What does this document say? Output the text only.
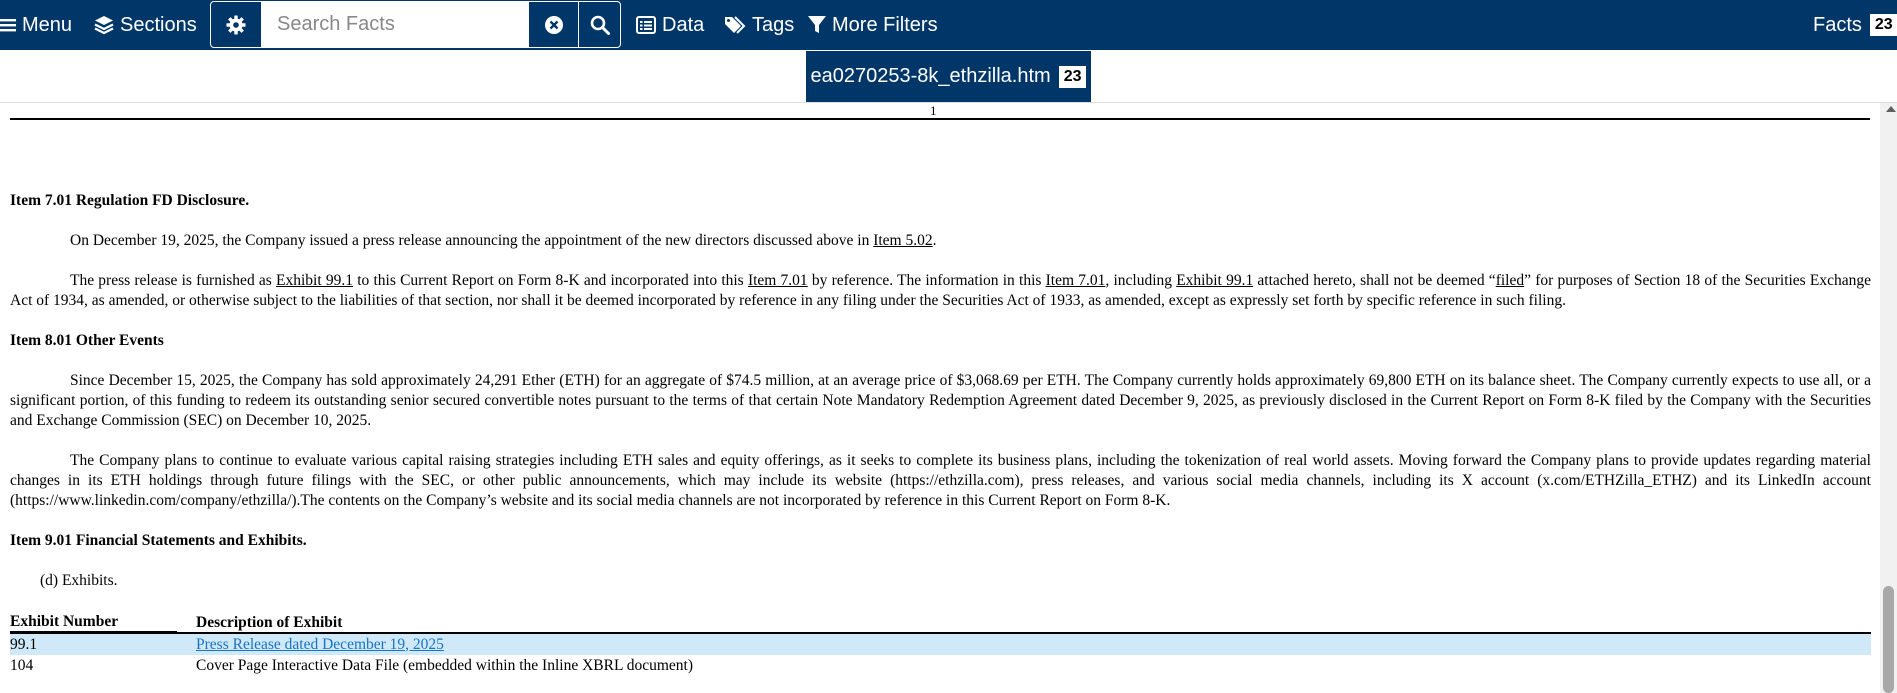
Menu Sections
Search Facts	Data Tags More Filters	Facts 23
ea0270253-8k_ethzilla.htm 23
1
Item 7.01 Regulation FD Disclosure.
On December 19, 2025, the Company issued a press release announcing the appointment of the new directors discussed above in Item 5.02.
The press release is furnished as Exhibit 99.1 to this Current Report on Form 8-K and incorporated into this Item 7.01 by reference. The information in this Item 7.01, including Exhibit 99.1 attached hereto, shall not be deemed “filed” for purposes of Section 18 of the Securities Exchange Act of 1934, as amended, or otherwise subject to the liabilities of that section, nor shall it be deemed incorporated by reference in any filing under the Securities Act of 1933, as amended, except as expressly set forth by specific reference in such filing.
Item 8.01 Other Events
Since December 15, 2025, the Company has sold approximately 24,291 Ether (ETH) for an aggregate of $74.5 million, at an average price of $3,068.69 per ETH. The Company currently holds approximately 69,800 ETH on its balance sheet. The Company currently expects to use all, or a significant portion, of this funding to redeem its outstanding senior secured convertible notes pursuant to the terms of that certain Note Mandatory Redemption Agreement dated December 9, 2025, as previously disclosed in the Current Report on Form 8-K filed by the Company with the Securities and Exchange Commission (SEC) on December 10, 2025.
The Company plans to continue to evaluate various capital raising strategies including ETH sales and equity offerings, as it seeks to complete its business plans, including the tokenization of real world assets. Moving forward the Company plans to provide updates regarding material changes in its ETH holdings through future filings with the SEC, or other public announcements, which may include its website (https://ethzilla.com), press releases, and various social media channels, including its X account (x.com/ETHZilla_ETHZ) and its LinkedIn account (https://www.linkedin.com/company/ethzilla/).The contents on the Company’s website and its social media channels are not incorporated by reference in this Current Report on Form 8-K.
Item 9.01 Financial Statements and Exhibits.
(d) Exhibits.
Exhibit Number	Description of Exhibit

99.1	Press Release dated December 19, 2025
104	Cover Page Interactive Data File (embedded within the Inline XBRL document)
